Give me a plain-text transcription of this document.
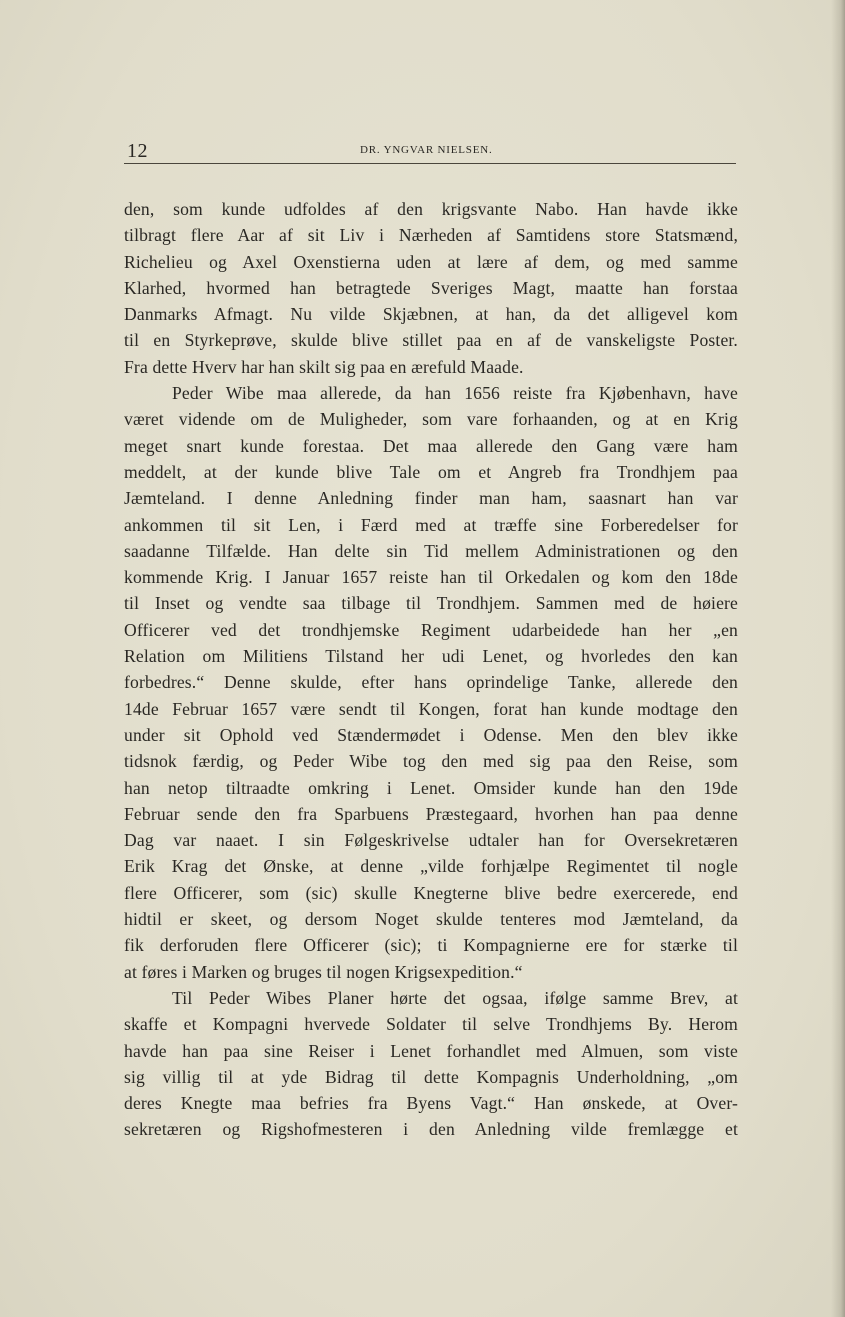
12	DR. YNGVAR NIELSEN.
den, som kunde udfoldes af den krigsvante Nabo. Han havde ikke
tilbragt flere Aar af sit Liv i Nærheden af Samtidens store Statsmænd,
Richelieu og Axel Oxenstierna uden at lære af dem, og med samme
Klarhed, hvormed han betragtede Sveriges Magt, maatte han forstaa
Danmarks Afmagt. Nu vilde Skjæbnen, at han, da det alligevel kom
til en Styrkeprøve, skulde blive stillet paa en af de vanskeligste Poster.
Fra dette Hverv har han skilt sig paa en ærefuld Maade.
Peder Wibe maa allerede, da han 1656 reiste fra Kjøbenhavn, have
været vidende om de Muligheder, som vare forhaanden, og at en Krig
meget snart kunde forestaa. Det maa allerede den Gang være ham
meddelt, at der kunde blive Tale om et Angreb fra Trondhjem paa
Jæmteland. I denne Anledning finder man ham, saasnart han var
ankommen til sit Len, i Færd med at træffe sine Forberedelser for
saadanne Tilfælde. Han delte sin Tid mellem Administrationen og den
kommende Krig. I Januar 1657 reiste han til Orkedalen og kom den 18de
til Inset og vendte saa tilbage til Trondhjem. Sammen med de høiere
Officerer ved det trondhjemske Regiment udarbeidede han her „en
Relation om Militiens Tilstand her udi Lenet, og hvorledes den kan
forbedres.“ Denne skulde, efter hans oprindelige Tanke, allerede den
14de Februar 1657 være sendt til Kongen, forat han kunde modtage den
under sit Ophold ved Stændermødet i Odense. Men den blev ikke
tidsnok færdig, og Peder Wibe tog den med sig paa den Reise, som
han netop tiltraadte omkring i Lenet. Omsider kunde han den 19de
Februar sende den fra Sparbuens Præstegaard, hvorhen han paa denne
Dag var naaet. I sin Følgeskrivelse udtaler han for Oversekretæren
Erik Krag det Ønske, at denne „vilde forhjælpe Regimentet til nogle
flere Officerer, som (sic) skulle Knegterne blive bedre exercerede, end
hidtil er skeet, og dersom Noget skulde tenteres mod Jæmteland, da
fik derforuden flere Officerer (sic); ti Kompagnierne ere for stærke til
at føres i Marken og bruges til nogen Krigsexpedition.“
Til Peder Wibes Planer hørte det ogsaa, ifølge samme Brev, at
skaffe et Kompagni hvervede Soldater til selve Trondhjems By. Herom
havde han paa sine Reiser i Lenet forhandlet med Almuen, som viste
sig villig til at yde Bidrag til dette Kompagnis Underholdning, „om
deres Knegte maa befries fra Byens Vagt.“ Han ønskede, at Over-
sekretæren og Rigshofmesteren i den Anledning vilde fremlægge et
